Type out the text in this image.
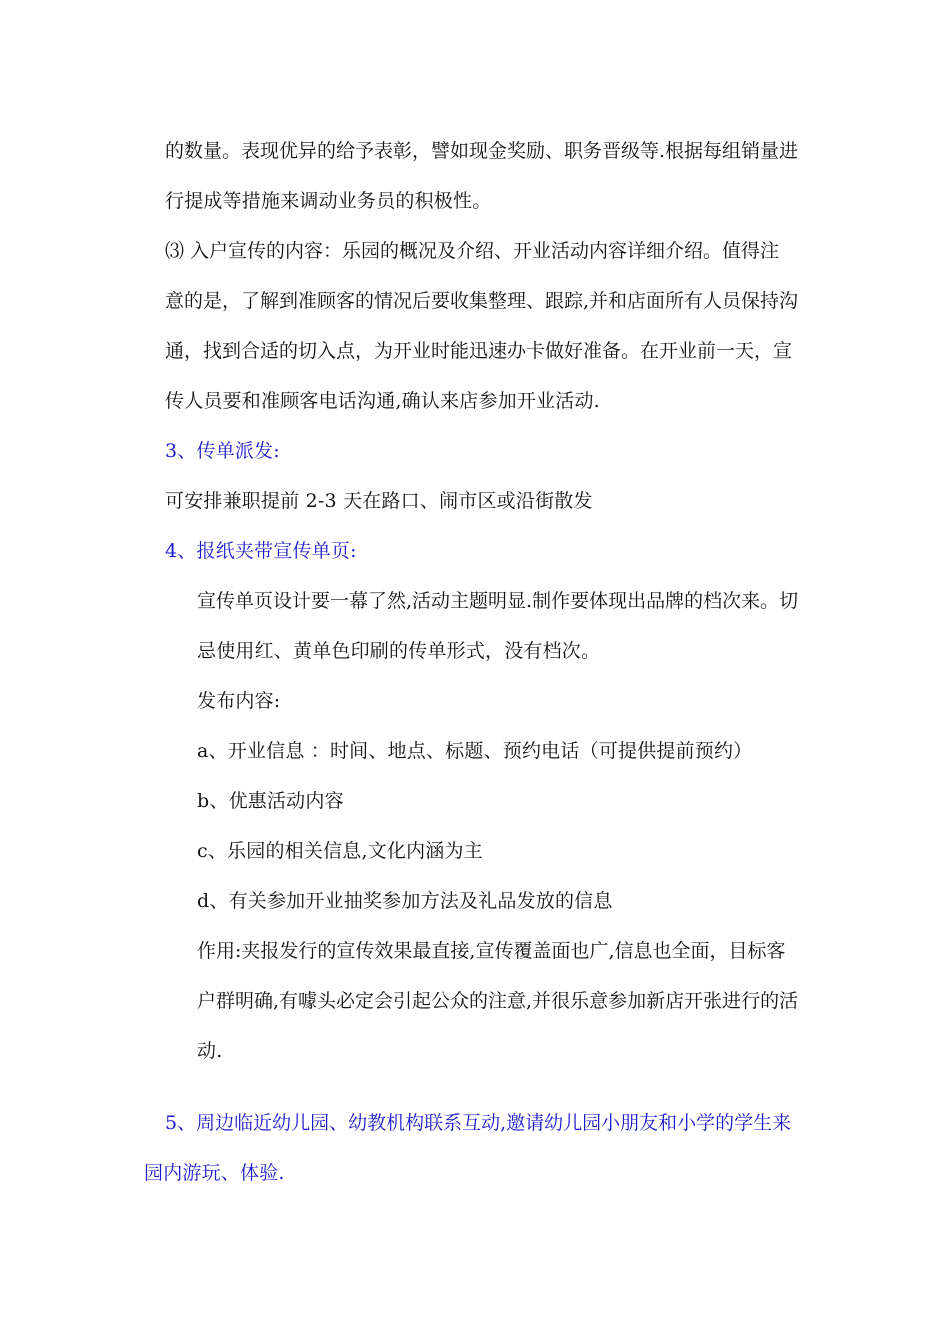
的数量。表现优异的给予表彰，譬如现金奖励、职务晋级等.根据每组销量进
行提成等措施来调动业务员的积极性。
⑶ 入户宣传的内容：乐园的概况及介绍、开业活动内容详细介绍。值得注
意的是，了解到准顾客的情况后要收集整理、跟踪,并和店面所有人员保持沟
通，找到合适的切入点，为开业时能迅速办卡做好准备。在开业前一天，宣
传人员要和准顾客电话沟通,确认来店参加开业活动.
3、传单派发:
可安排兼职提前 2-3 天在路口、闹市区或沿街散发
4、报纸夹带宣传单页:
宣传单页设计要一幕了然,活动主题明显.制作要体现出品牌的档次来。切
忌使用红、黄单色印刷的传单形式，没有档次。
发布内容:
a、开业信息 ：时间、地点、标题、预约电话（可提供提前预约）
b、优惠活动内容
c、乐园的相关信息,文化内涵为主
d、有关参加开业抽奖参加方法及礼品发放的信息
作用:夹报发行的宣传效果最直接,宣传覆盖面也广,信息也全面，目标客
户群明确,有噱头必定会引起公众的注意,并很乐意参加新店开张进行的活
动.
5、周边临近幼儿园、幼教机构联系互动,邀请幼儿园小朋友和小学的学生来
园内游玩、体验.
